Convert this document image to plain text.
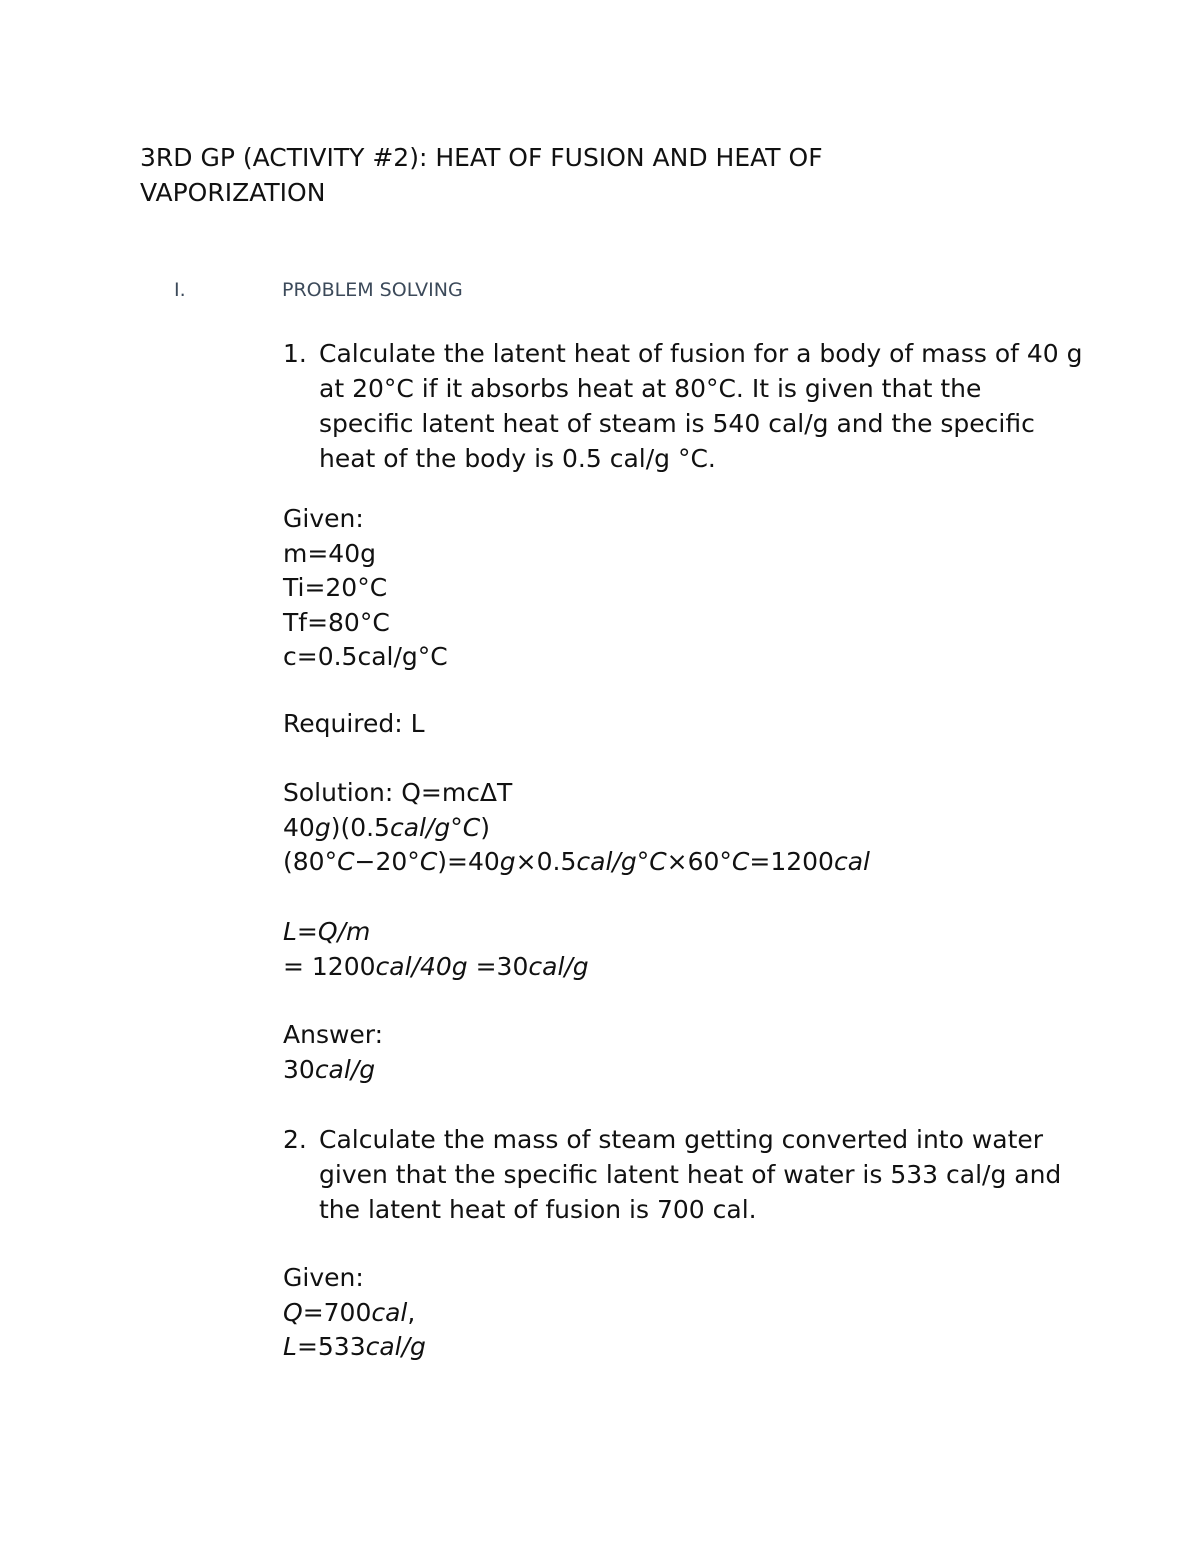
3RD GP (ACTIVITY #2): HEAT OF FUSION AND HEAT OF VAPORIZATION
I.	PROBLEM SOLVING
1. Calculate the latent heat of fusion for a body of mass of 40 g at 20°C if it absorbs heat at 80°C. It is given that the specific latent heat of steam is 540 cal/g and the specific heat of the body is 0.5 cal/g °C.
Given:
m=40g
Ti=20°C
Tf=80°C
c=0.5cal/g°C
Required: L
Solution: Q=mcΔT
40g)(0.5cal/g°C)
(80°C−20°C)=40g×0.5cal/g°C×60°C=1200cal
L=Q/m
= 1200cal/40g =30cal/g
Answer:
30cal/g
2. Calculate the mass of steam getting converted into water given that the specific latent heat of water is 533 cal/g and the latent heat of fusion is 700 cal.
Given:
Q=700cal,
L=533cal/g
